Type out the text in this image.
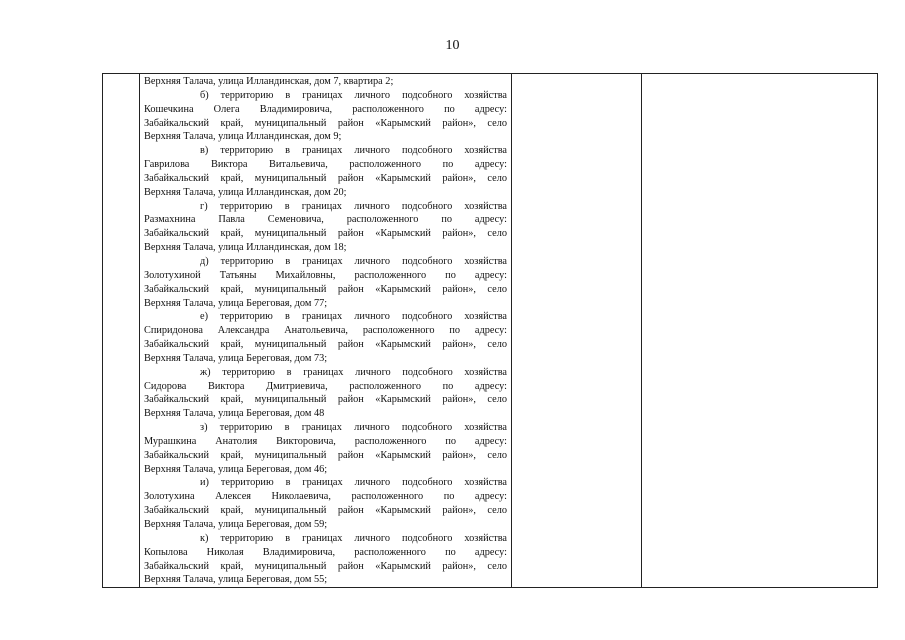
10

Верхняя Талача, улица Илландинская, дом 7, квартира 2;
б) территорию в границах личного подсобного хозяйства
Кошечкина Олега Владимировича, расположенного по адресу:
Забайкальский край, муниципальный район «Карымский район», село
Верхняя Талача, улица Илландинская, дом 9;
в) территорию в границах личного подсобного хозяйства
Гаврилова Виктора Витальевича, расположенного по адресу:
Забайкальский край, муниципальный район «Карымский район», село
Верхняя Талача, улица Илландинская, дом 20;
г) территорию в границах личного подсобного хозяйства
Размахнина Павла Семеновича, расположенного по адресу:
Забайкальский край, муниципальный район «Карымский район», село
Верхняя Талача, улица Илландинская, дом 18;
д) территорию в границах личного подсобного хозяйства
Золотухиной Татьяны Михайловны, расположенного по адресу:
Забайкальский край, муниципальный район «Карымский район», село
Верхняя Талача, улица Береговая, дом 77;
е) территорию в границах личного подсобного хозяйства
Спиридонова Александра Анатольевича, расположенного по адресу:
Забайкальский край, муниципальный район «Карымский район», село
Верхняя Талача, улица Береговая, дом 73;
ж) территорию в границах личного подсобного хозяйства
Сидорова Виктора Дмитриевича, расположенного по адресу:
Забайкальский край, муниципальный район «Карымский район», село
Верхняя Талача, улица Береговая, дом 48
з) территорию в границах личного подсобного хозяйства
Мурашкина Анатолия Викторовича, расположенного по адресу:
Забайкальский край, муниципальный район «Карымский район», село
Верхняя Талача, улица Береговая, дом 46;
и) территорию в границах личного подсобного хозяйства
Золотухина Алексея Николаевича, расположенного по адресу:
Забайкальский край, муниципальный район «Карымский район», село
Верхняя Талача, улица Береговая, дом 59;
к) территорию в границах личного подсобного хозяйства
Копылова Николая Владимировича, расположенного по адресу:
Забайкальский край, муниципальный район «Карымский район», село
Верхняя Талача, улица Береговая, дом 55;
